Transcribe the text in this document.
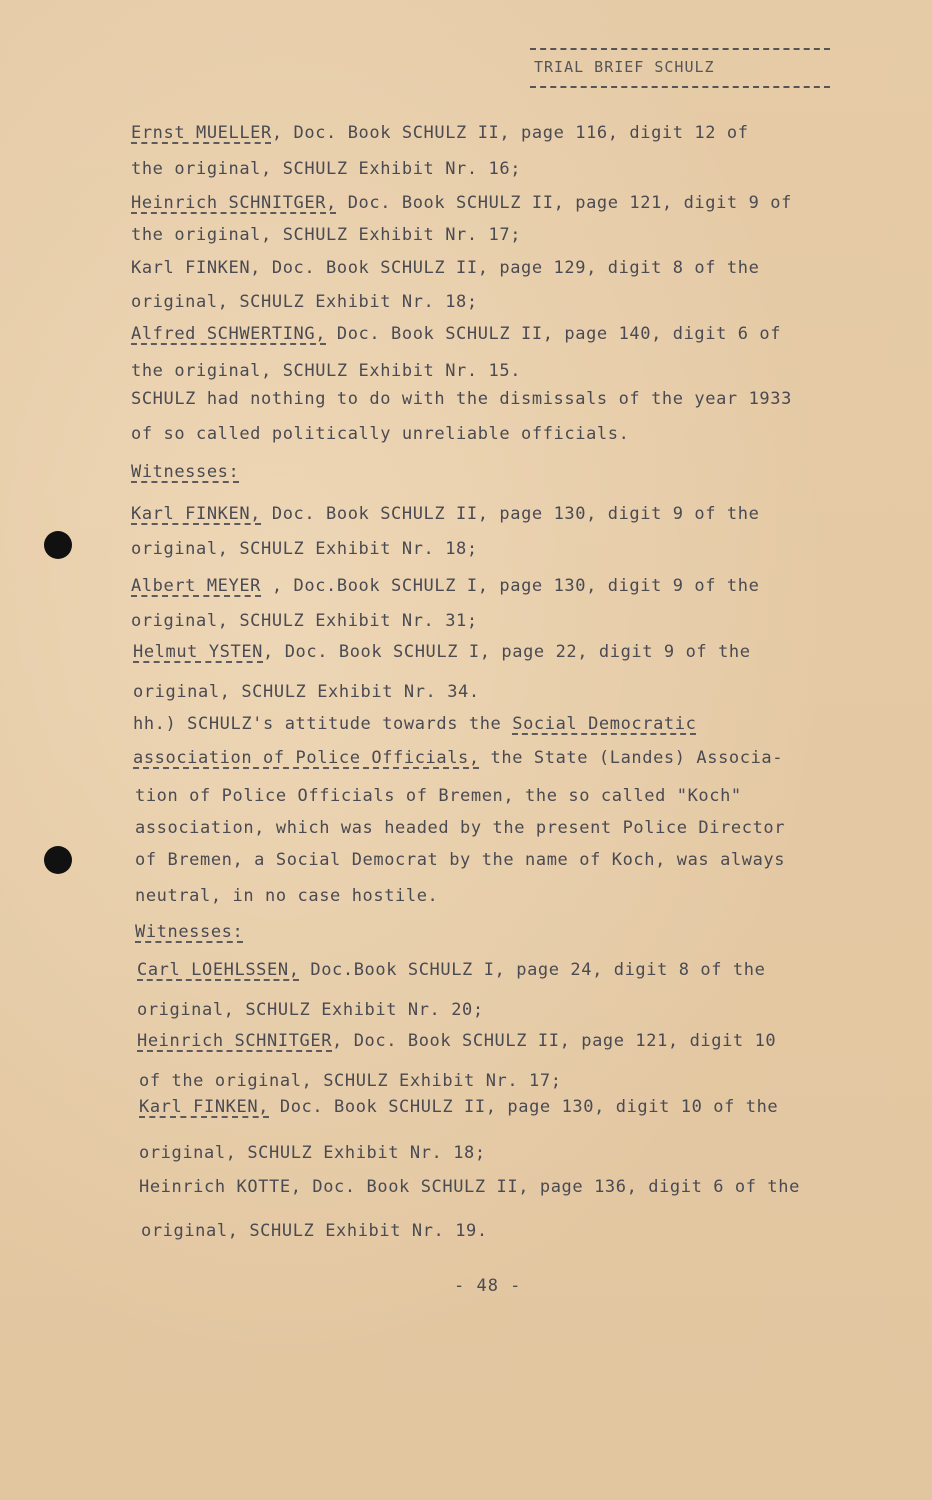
TRIAL BRIEF SCHULZ
Ernst MUELLER, Doc. Book SCHULZ II, page 116, digit 12 of
the original, SCHULZ Exhibit Nr. 16;
Heinrich SCHNITGER, Doc. Book SCHULZ II, page 121, digit 9 of
the original, SCHULZ Exhibit Nr. 17;
Karl FINKEN, Doc. Book SCHULZ II, page 129, digit 8 of the
original, SCHULZ Exhibit Nr. 18;
Alfred SCHWERTING, Doc. Book SCHULZ II, page 140, digit 6 of
the original, SCHULZ Exhibit Nr. 15.
SCHULZ had nothing to do with the dismissals of the year 1933
of so called politically unreliable officials.
Witnesses:
Karl FINKEN, Doc. Book SCHULZ II, page 130, digit 9 of the
original, SCHULZ Exhibit Nr. 18;
Albert MEYER , Doc.Book SCHULZ I, page 130, digit 9 of the
original, SCHULZ Exhibit Nr. 31;
Helmut YSTEN, Doc. Book SCHULZ I, page 22, digit 9 of the
original, SCHULZ Exhibit Nr. 34.
hh.) SCHULZ's attitude towards the Social Democratic
association of Police Officials, the State (Landes) Associa-
tion of Police Officials of Bremen, the so called "Koch"
association, which was headed by the present Police Director
of Bremen, a Social Democrat by the name of Koch, was always
neutral, in no case hostile.
Witnesses:
Carl LOEHLSSEN, Doc.Book SCHULZ I, page 24, digit 8 of the
original, SCHULZ Exhibit Nr. 20;
Heinrich SCHNITGER, Doc. Book SCHULZ II, page 121, digit 10
of the original, SCHULZ Exhibit Nr. 17;
Karl FINKEN, Doc. Book SCHULZ II, page 130, digit 10 of the
original, SCHULZ Exhibit Nr. 18;
Heinrich KOTTE, Doc. Book SCHULZ II, page 136, digit 6 of the
original, SCHULZ Exhibit Nr. 19.
- 48 -
